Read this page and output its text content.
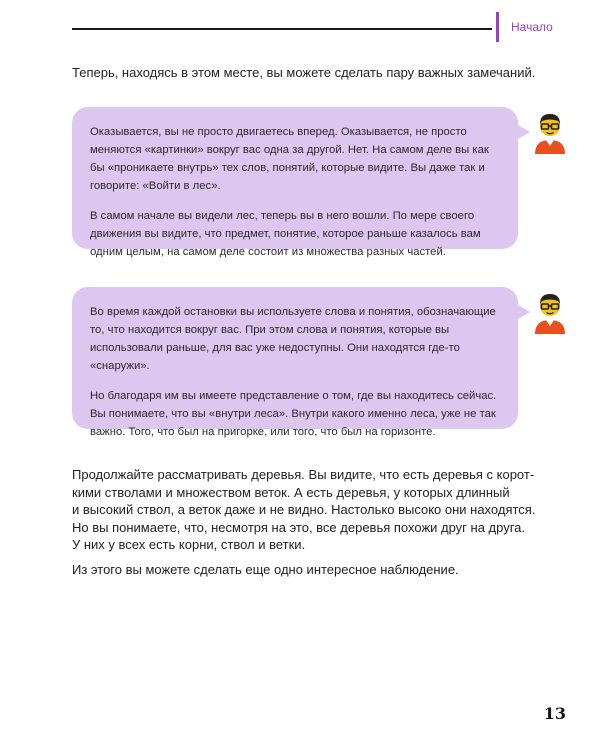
Начало

Теперь, находясь в этом месте, вы можете сделать пару важных замечаний.

Оказывается, вы не просто двигаетесь вперед. Оказывается, не просто меняются «картинки» вокруг вас одна за другой. Нет. На самом деле вы как бы «проникаете внутрь» тех слов, понятий, которые видите. Вы даже так и говорите: «Войти в лес».

В самом начале вы видели лес, теперь вы в него вошли. По мере своего движения вы видите, что предмет, понятие, которое раньше казалось вам одним целым, на самом деле состоит из множества разных частей.

Во время каждой остановки вы используете слова и понятия, обозначающие то, что находится вокруг вас. При этом слова и понятия, которые вы использовали раньше, для вас уже недоступны. Они находятся где-то «снаружи».

Но благодаря им вы имеете представление о том, где вы находитесь сейчас. Вы понимаете, что вы «внутри леса». Внутри какого именно леса, уже не так важно. Того, что был на пригорке, или того, что был на горизонте.

Продолжайте рассматривать деревья. Вы видите, что есть деревья с корот-
кими стволами и множеством веток. А есть деревья, у которых длинный
и высокий ствол, а веток даже и не видно. Настолько высоко они находятся.
Но вы понимаете, что, несмотря на это, все деревья похожи друг на друга.
У них у всех есть корни, ствол и ветки.

Из этого вы можете сделать еще одно интересное наблюдение.

13
